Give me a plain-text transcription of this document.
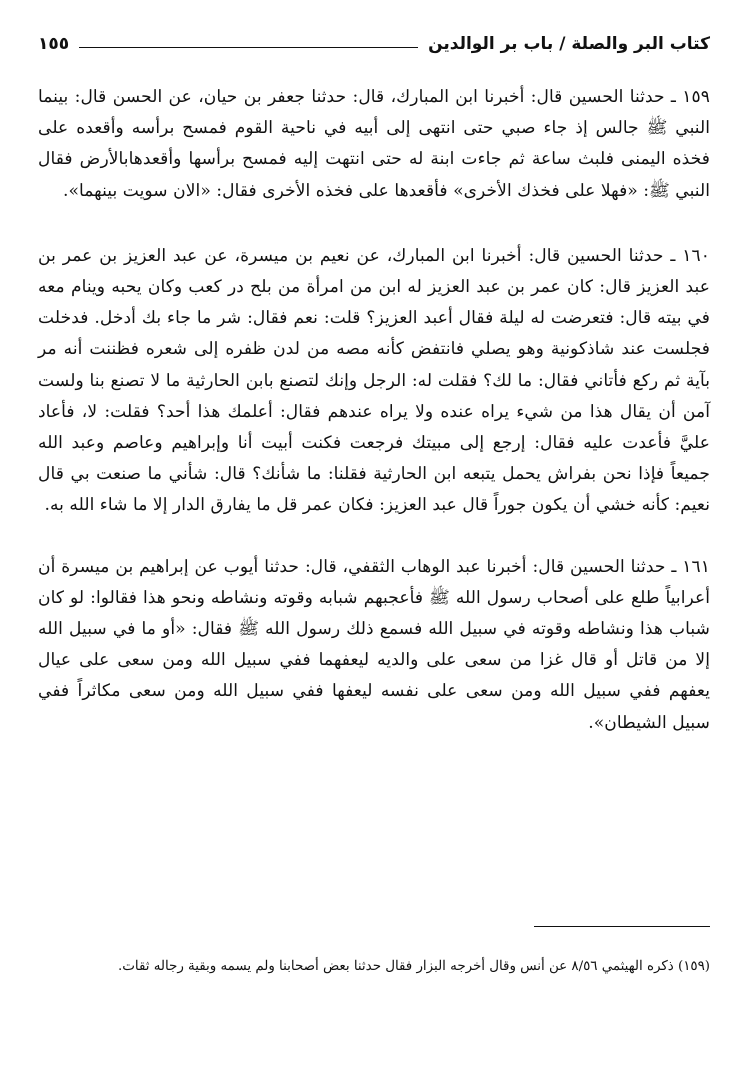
كتاب البر والصلة / باب بر الوالدين
١٥٥

١٥٩ ـ حدثنا الحسين قال: أخبرنا ابن المبارك، قال: حدثنا جعفر بن حيان، عن الحسن قال: بينما النبي ﷺ جالس إذ جاء صبي حتى انتهى إلى أبيه في ناحية القوم فمسح برأسه وأقعده على فخذه اليمنى فلبث ساعة ثم جاءت ابنة له حتى انتهت إليه فمسح برأسها وأقعدهابالأرض فقال النبي ﷺ: «فهلا على فخذك الأخرى» فأقعدها على فخذه الأخرى فقال: «الان سويت بينهما».

١٦٠ ـ حدثنا الحسين قال: أخبرنا ابن المبارك، عن نعيم بن ميسرة، عن عبد العزيز بن عمر بن عبد العزيز قال: كان عمر بن عبد العزيز له ابن من امرأة من بلح در كعب وكان يحبه وينام معه في بيته قال: فتعرضت له ليلة فقال أعبد العزيز؟ قلت: نعم فقال: شر ما جاء بك أدخل. فدخلت فجلست عند شاذكونية وهو يصلي فانتفض كأنه مصه من لدن ظفره إلى شعره فظننت أنه مر بآية ثم ركع فأتاني فقال: ما لك؟ فقلت له: الرجل وإنك لتصنع بابن الحارثية ما لا تصنع بنا ولست آمن أن يقال هذا من شيء يراه عنده ولا يراه عندهم فقال: أعلمك هذا أحد؟ فقلت: لا، فأعاد عليَّ فأعدت عليه فقال: إرجع إلى مبيتك فرجعت فكنت أبيت أنا وإبراهيم وعاصم وعبد الله جميعاً فإذا نحن بفراش يحمل يتبعه ابن الحارثية فقلنا: ما شأنك؟ قال: شأني ما صنعت بي قال نعيم: كأنه خشي أن يكون جوراً قال عبد العزيز: فكان عمر قل ما يفارق الدار إلا ما شاء الله به.

١٦١ ـ حدثنا الحسين قال: أخبرنا عبد الوهاب الثقفي، قال: حدثنا أيوب عن إبراهيم بن ميسرة أن أعرابياً طلع على أصحاب رسول الله ﷺ فأعجبهم شبابه وقوته ونشاطه ونحو هذا فقالوا: لو كان شباب هذا ونشاطه وقوته في سبيل الله فسمع ذلك رسول الله ﷺ فقال: «أو ما في سبيل الله إلا من قاتل أو قال غزا من سعى على والديه ليعفهما ففي سبيل الله ومن سعى على عيال يعفهم ففي سبيل الله ومن سعى على نفسه ليعفها ففي سبيل الله ومن سعى مكاثراً ففي سبيل الشيطان».

(١٥٩) ذكره الهيثمي ٨/٥٦ عن أنس وقال أخرجه البزار فقال حدثنا بعض أصحابنا ولم يسمه وبقية رجاله ثقات.
